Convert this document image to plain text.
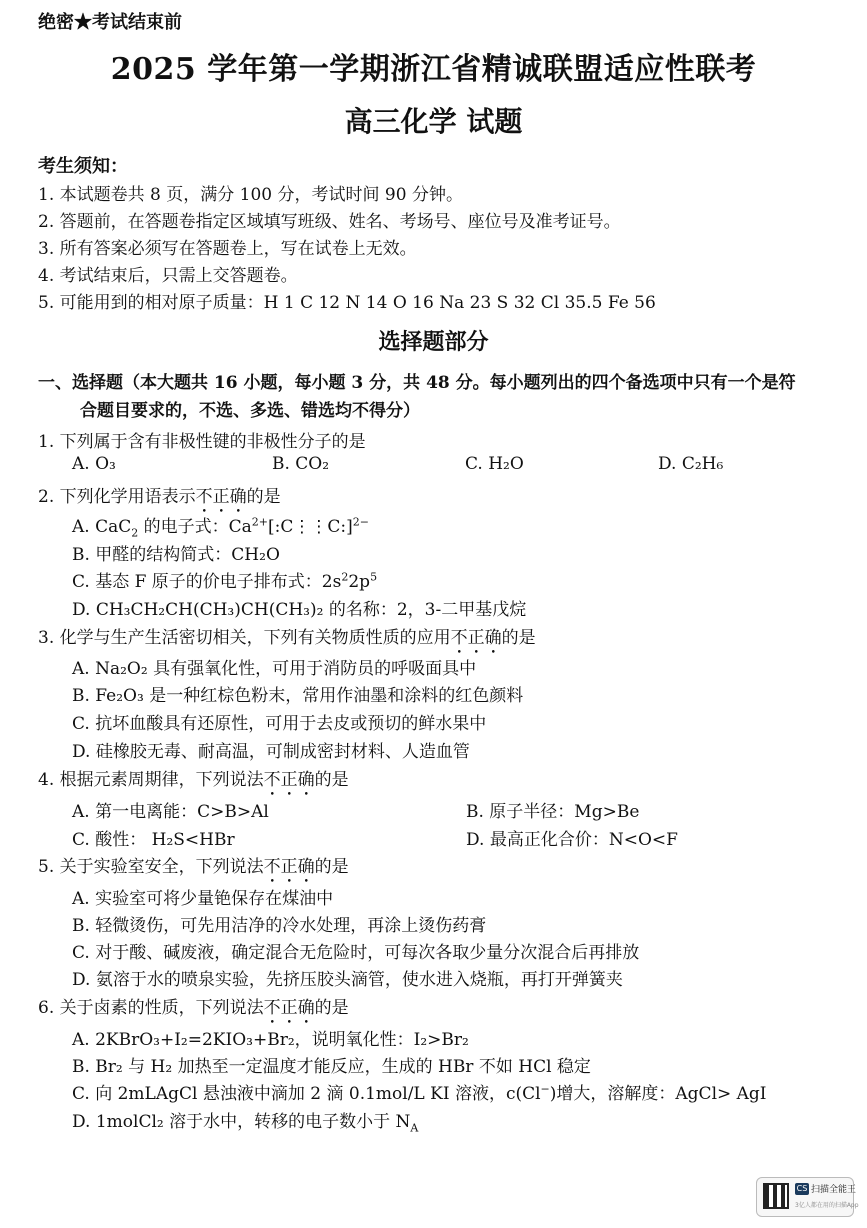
绝密★考试结束前
2025 学年第一学期浙江省精诚联盟适应性联考
高三化学 试题
考生须知：
1. 本试题卷共 8 页，满分 100 分，考试时间 90 分钟。
2. 答题前，在答题卷指定区域填写班级、姓名、考场号、座位号及准考证号。
3. 所有答案必须写在答题卷上，写在试卷上无效。
4. 考试结束后，只需上交答题卷。
5. 可能用到的相对原子质量：H 1 C 12 N 14 O 16 Na 23 S 32 Cl 35.5 Fe 56
选择题部分
一、选择题（本大题共 16 小题，每小题 3 分，共 48 分。每小题列出的四个备选项中只有一个是符
合题目要求的，不选、多选、错选均不得分）
1. 下列属于含有非极性键的非极性分子的是
A. O₃	B. CO₂	C. H₂O	D. C₂H₆
2. 下列化学用语表示不正确的是
A. CaC$_2$ 的电子式：$Ca^{2+}[:C⋮⋮C:]^{2-}$
B. 甲醛的结构简式：CH₂O
C. 基态 F 原子的价电子排布式：$2s^22p^5$
D. CH₃CH₂CH(CH₃)CH(CH₃)₂ 的名称：2，3-二甲基戊烷
3. 化学与生产生活密切相关，下列有关物质性质的应用不正确的是
A. Na₂O₂ 具有强氧化性，可用于消防员的呼吸面具中
B. Fe₂O₃ 是一种红棕色粉末，常用作油墨和涂料的红色颜料
C. 抗坏血酸具有还原性，可用于去皮或预切的鲜水果中
D. 硅橡胶无毒、耐高温，可制成密封材料、人造血管
4. 根据元素周期律，下列说法不正确的是
A. 第一电离能：C>B>Al	B. 原子半径：Mg>Be
C. 酸性： H₂S<HBr	D. 最高正化合价：N<O<F
5. 关于实验室安全，下列说法不正确的是
A. 实验室可将少量铯保存在煤油中
B. 轻微烫伤，可先用洁净的冷水处理，再涂上烫伤药膏
C. 对于酸、碱废液，确定混合无危险时，可每次各取少量分次混合后再排放
D. 氨溶于水的喷泉实验，先挤压胶头滴管，使水进入烧瓶，再打开弹簧夹
6. 关于卤素的性质，下列说法不正确的是
A. 2KBrO₃+I₂=2KIO₃+Br₂，说明氧化性：I₂>Br₂
B. Br₂ 与 H₂ 加热至一定温度才能反应，生成的 HBr 不如 HCl 稳定
C. 向 2mLAgCl 悬浊液中滴加 2 滴 0.1mol/L KI 溶液，c(Cl−)增大，溶解度：AgCl> AgI
D. 1molCl₂ 溶于水中，转移的电子数小于 $N_A$
CS 扫描全能王
3亿人都在用的扫描App
